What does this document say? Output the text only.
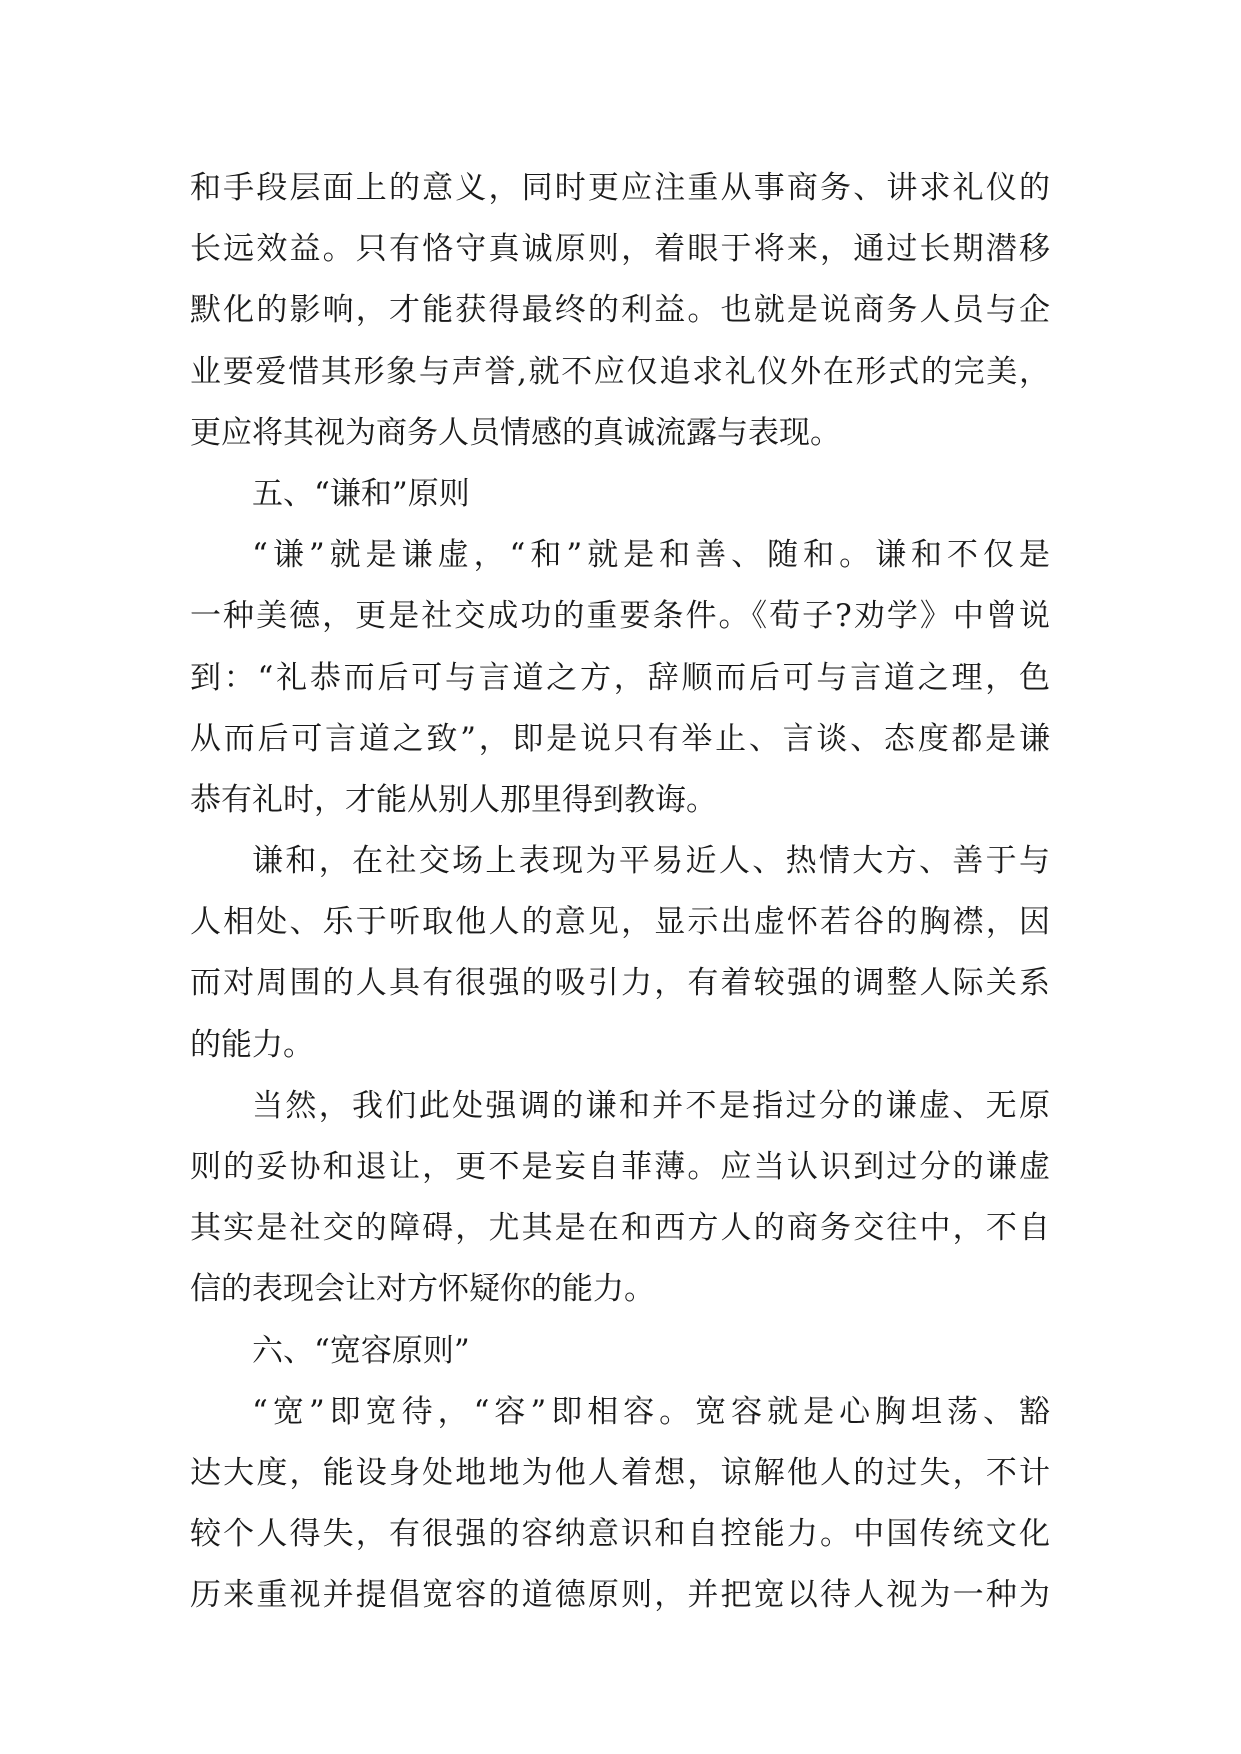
和手段层面上的意义，同时更应注重从事商务、讲求礼仪的
长远效益。只有恪守真诚原则，着眼于将来，通过长期潜移
默化的影响，才能获得最终的利益。也就是说商务人员与企
业要爱惜其形象与声誉,就不应仅追求礼仪外在形式的完美，
更应将其视为商务人员情感的真诚流露与表现。
五、“谦和”原则
“谦”就是谦虚，“和”就是和善、随和。谦和不仅是
一种美德，更是社交成功的重要条件。《荀子?劝学》中曾说
到：“礼恭而后可与言道之方，辞顺而后可与言道之理，色
从而后可言道之致”，即是说只有举止、言谈、态度都是谦
恭有礼时，才能从别人那里得到教诲。
谦和，在社交场上表现为平易近人、热情大方、善于与
人相处、乐于听取他人的意见，显示出虚怀若谷的胸襟，因
而对周围的人具有很强的吸引力，有着较强的调整人际关系
的能力。
当然，我们此处强调的谦和并不是指过分的谦虚、无原
则的妥协和退让，更不是妄自菲薄。应当认识到过分的谦虚
其实是社交的障碍，尤其是在和西方人的商务交往中，不自
信的表现会让对方怀疑你的能力。
六、“宽容原则”
“宽”即宽待，“容”即相容。宽容就是心胸坦荡、豁
达大度，能设身处地地为他人着想，谅解他人的过失，不计
较个人得失，有很强的容纳意识和自控能力。中国传统文化
历来重视并提倡宽容的道德原则，并把宽以待人视为一种为
